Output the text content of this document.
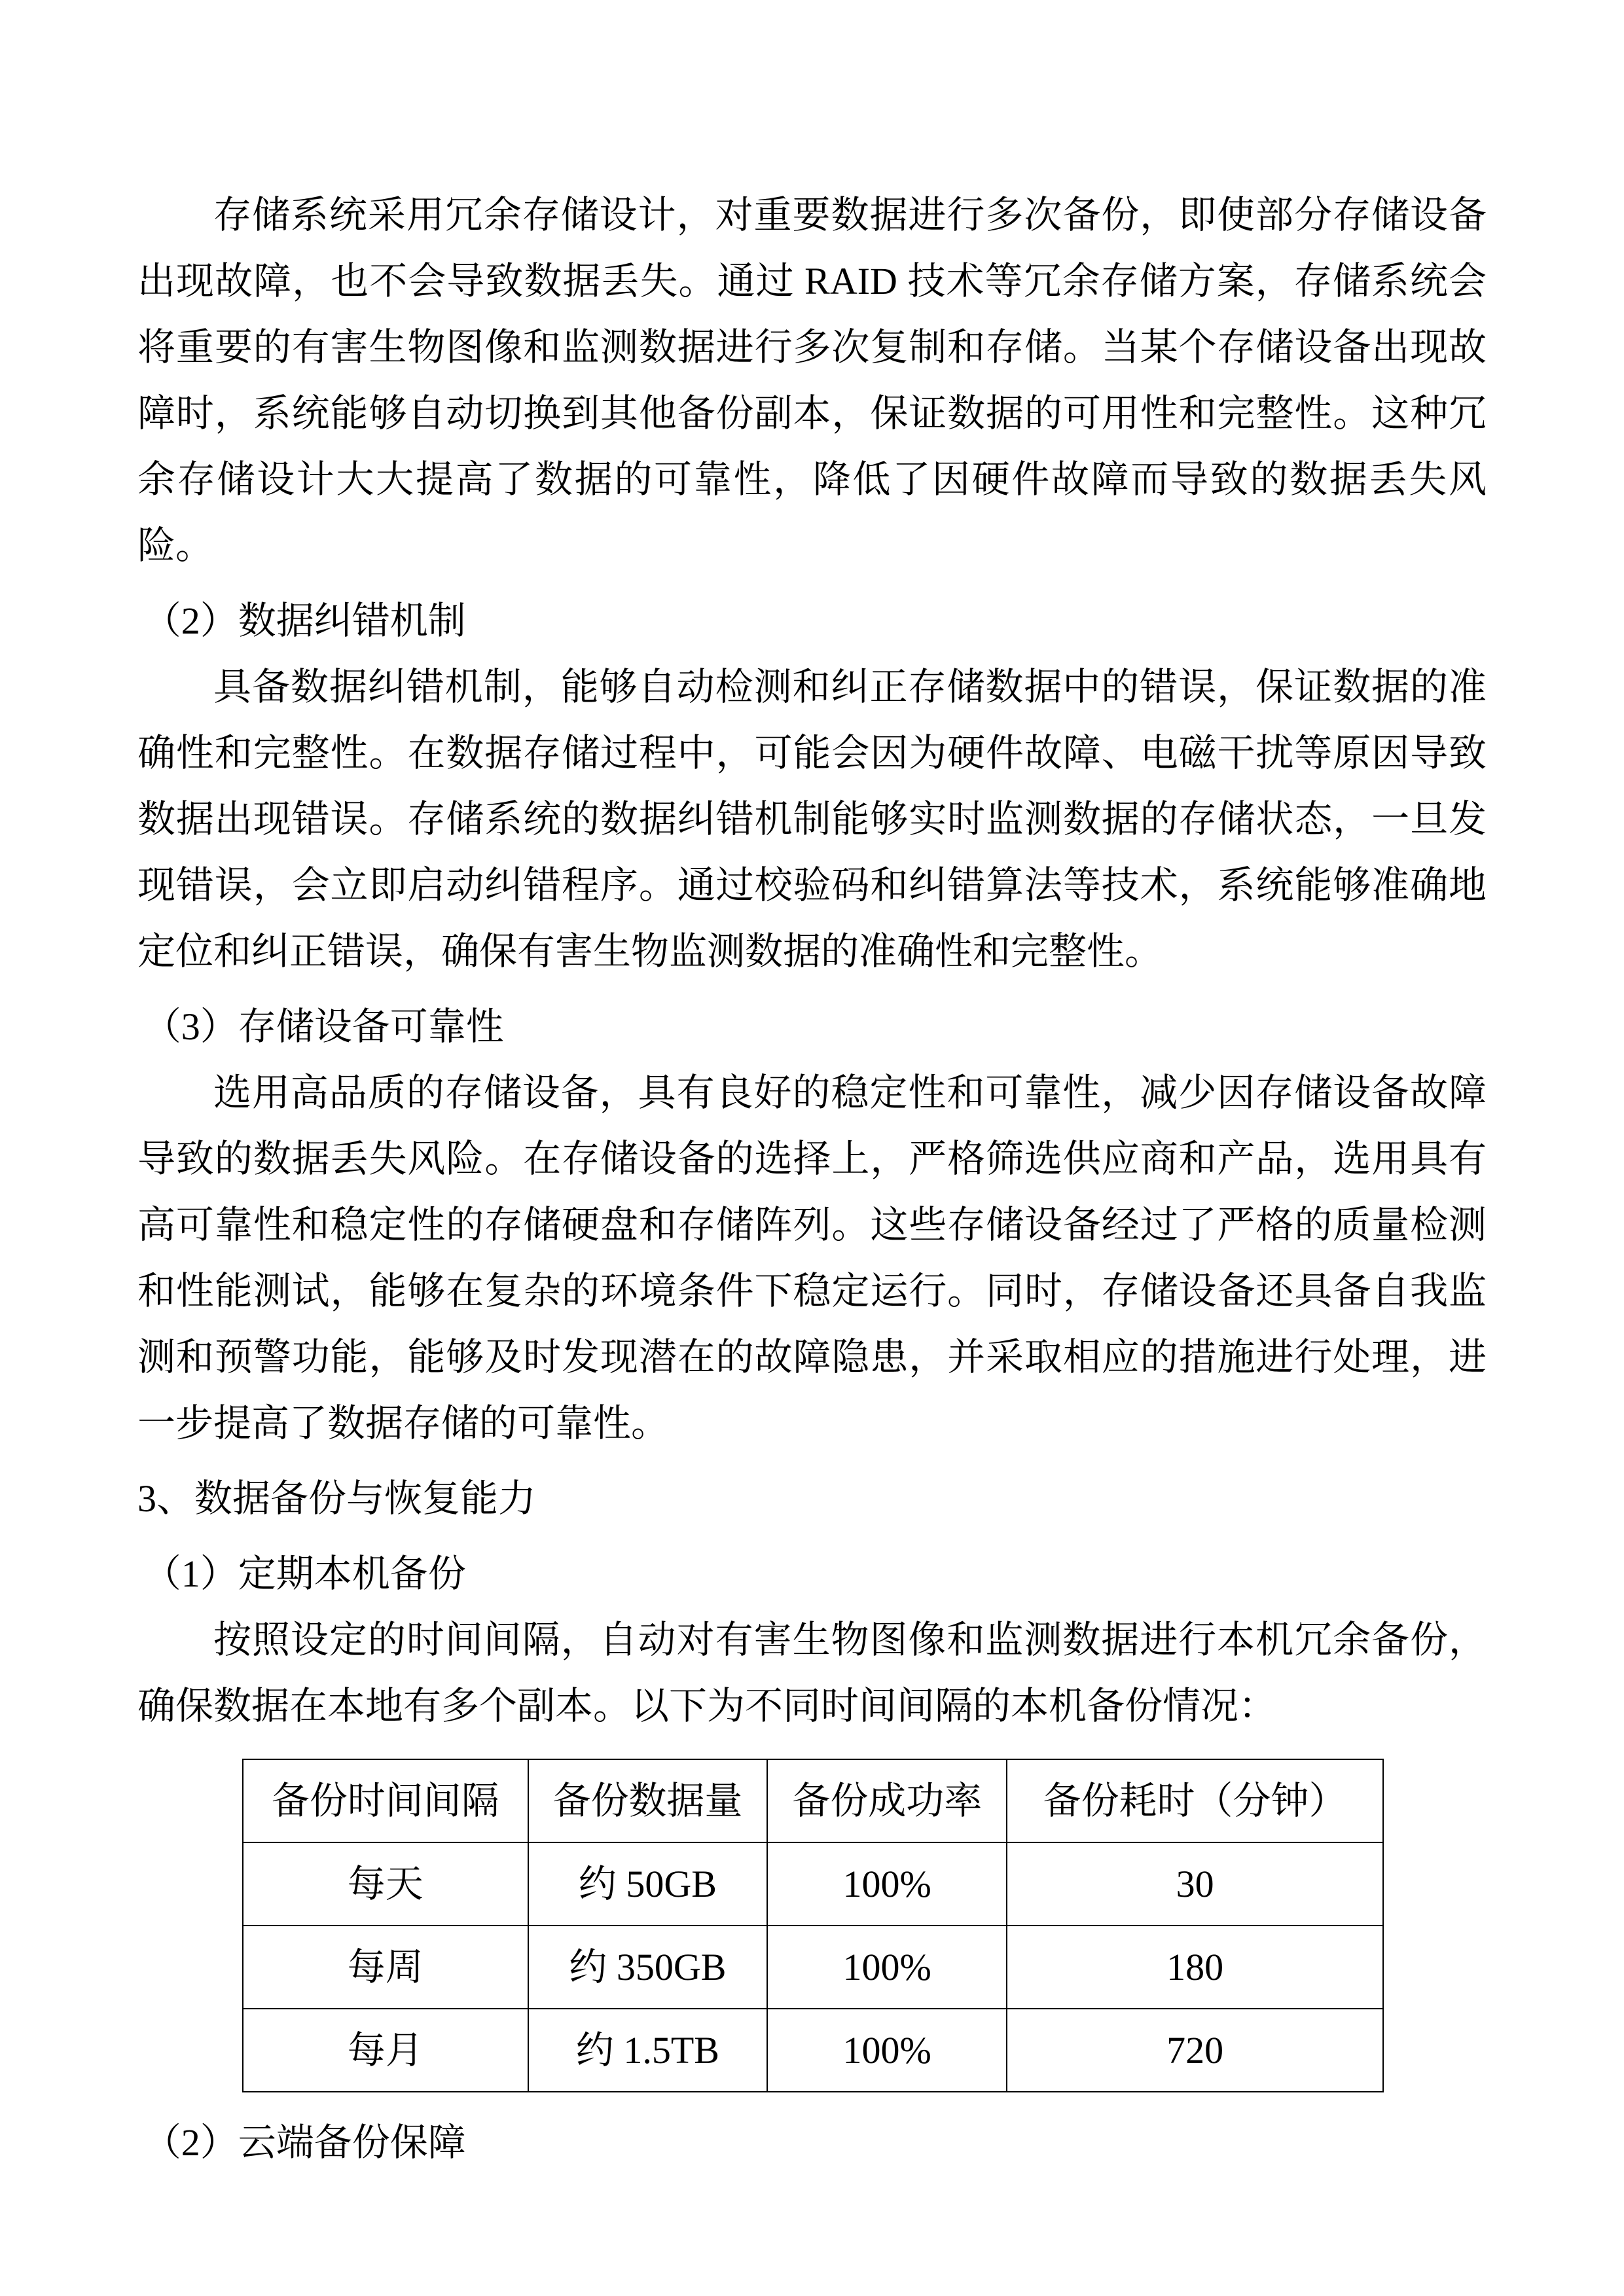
存储系统采用冗余存储设计，对重要数据进行多次备份，即使部分存储设备出现故障，也不会导致数据丢失。通过 RAID 技术等冗余存储方案，存储系统会将重要的有害生物图像和监测数据进行多次复制和存储。当某个存储设备出现故障时，系统能够自动切换到其他备份副本，保证数据的可用性和完整性。这种冗余存储设计大大提高了数据的可靠性，降低了因硬件故障而导致的数据丢失风险。

（2）数据纠错机制

具备数据纠错机制，能够自动检测和纠正存储数据中的错误，保证数据的准确性和完整性。在数据存储过程中，可能会因为硬件故障、电磁干扰等原因导致数据出现错误。存储系统的数据纠错机制能够实时监测数据的存储状态，一旦发现错误，会立即启动纠错程序。通过校验码和纠错算法等技术，系统能够准确地定位和纠正错误，确保有害生物监测数据的准确性和完整性。

（3）存储设备可靠性

选用高品质的存储设备，具有良好的稳定性和可靠性，减少因存储设备故障导致的数据丢失风险。在存储设备的选择上，严格筛选供应商和产品，选用具有高可靠性和稳定性的存储硬盘和存储阵列。这些存储设备经过了严格的质量检测和性能测试，能够在复杂的环境条件下稳定运行。同时，存储设备还具备自我监测和预警功能，能够及时发现潜在的故障隐患，并采取相应的措施进行处理，进一步提高了数据存储的可靠性。

3、数据备份与恢复能力

（1）定期本机备份

按照设定的时间间隔，自动对有害生物图像和监测数据进行本机冗余备份，确保数据在本地有多个副本。以下为不同时间间隔的本机备份情况：

备份时间间隔	备份数据量	备份成功率	备份耗时（分钟）
每天	约 50GB	100%	30
每周	约 350GB	100%	180
每月	约 1.5TB	100%	720

（2）云端备份保障
